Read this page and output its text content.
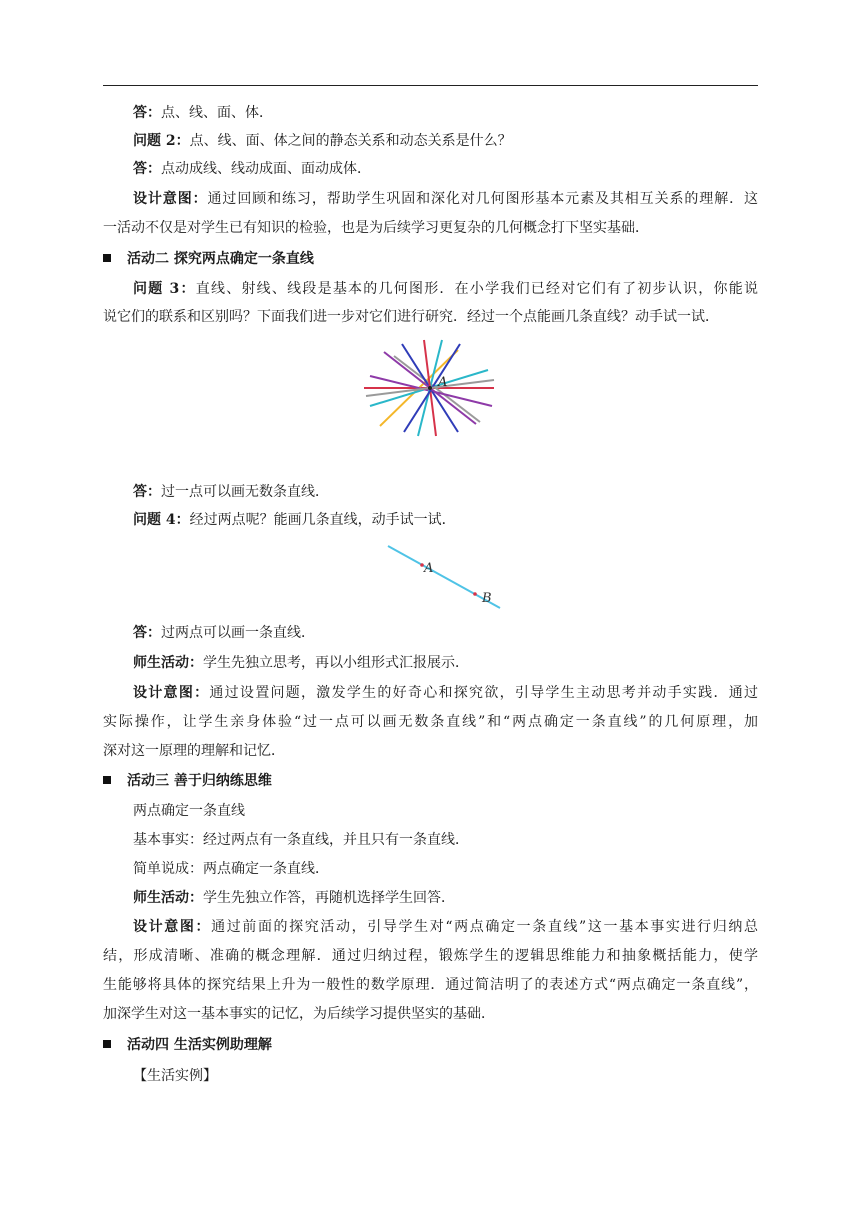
答：点、线、面、体．
问题 2：点、线、面、体之间的静态关系和动态关系是什么？
答：点动成线、线动成面、面动成体．
设计意图：通过回顾和练习，帮助学生巩固和深化对几何图形基本元素及其相互关系的理解．这
一活动不仅是对学生已有知识的检验，也是为后续学习更复杂的几何概念打下坚实基础．
活动二 探究两点确定一条直线
问题 3：直线、射线、线段是基本的几何图形．在小学我们已经对它们有了初步认识，你能说
说它们的联系和区别吗？下面我们进一步对它们进行研究．经过一个点能画几条直线？动手试一试．
A
答：过一点可以画无数条直线．
问题 4：经过两点呢？能画几条直线，动手试一试．
A
B
答：过两点可以画一条直线．
师生活动：学生先独立思考，再以小组形式汇报展示．
设计意图：通过设置问题，激发学生的好奇心和探究欲，引导学生主动思考并动手实践．通过
实际操作，让学生亲身体验“过一点可以画无数条直线”和“两点确定一条直线”的几何原理，加
深对这一原理的理解和记忆．
活动三 善于归纳练思维
两点确定一条直线
基本事实：经过两点有一条直线，并且只有一条直线．
简单说成：两点确定一条直线．
师生活动：学生先独立作答，再随机选择学生回答．
设计意图：通过前面的探究活动，引导学生对“两点确定一条直线”这一基本事实进行归纳总
结，形成清晰、准确的概念理解．通过归纳过程，锻炼学生的逻辑思维能力和抽象概括能力，使学
生能够将具体的探究结果上升为一般性的数学原理．通过简洁明了的表述方式“两点确定一条直线”，
加深学生对这一基本事实的记忆，为后续学习提供坚实的基础．
活动四 生活实例助理解
【生活实例】
